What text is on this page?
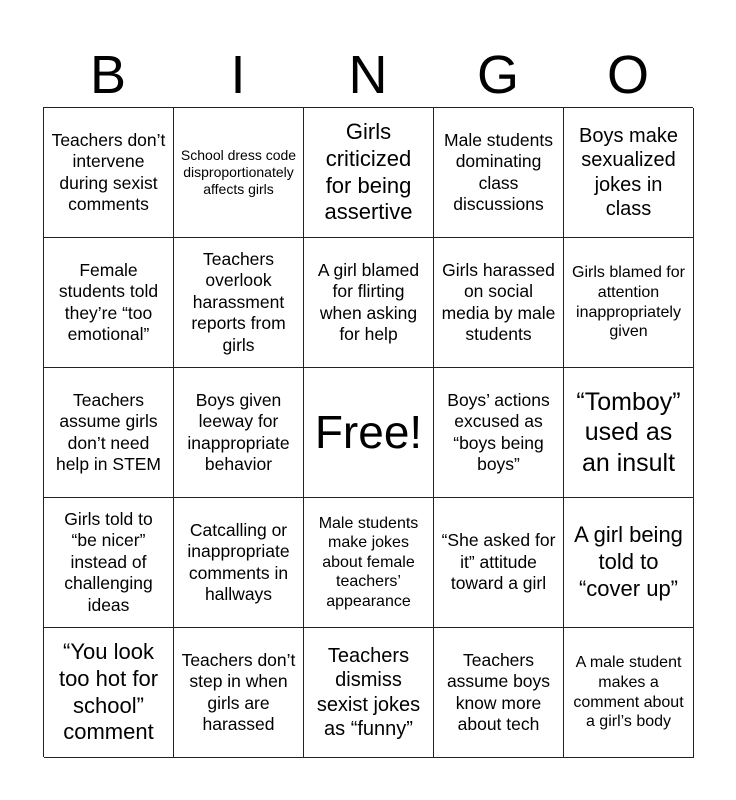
B	I	N	G	O
Teachers don’t intervene during sexist comments
School dress code disproportionately affects girls
Girls criticized for being assertive
Male students dominating class discussions
Boys make sexualized jokes in class
Female students told they’re “too emotional”
Teachers overlook harassment reports from girls
A girl blamed for flirting when asking for help
Girls harassed on social media by male students
Girls blamed for attention inappropriately given
Teachers assume girls don’t need help in STEM
Boys given leeway for inappropriate behavior
Free!
Boys’ actions excused as “boys being boys”
“Tomboy” used as an insult
Girls told to “be nicer” instead of challenging ideas
Catcalling or inappropriate comments in hallways
Male students make jokes about female teachers’ appearance
“She asked for it” attitude toward a girl
A girl being told to “cover up”
“You look too hot for school” comment
Teachers don’t step in when girls are harassed
Teachers dismiss sexist jokes as “funny”
Teachers assume boys know more about tech
A male student makes a comment about a girl’s body
